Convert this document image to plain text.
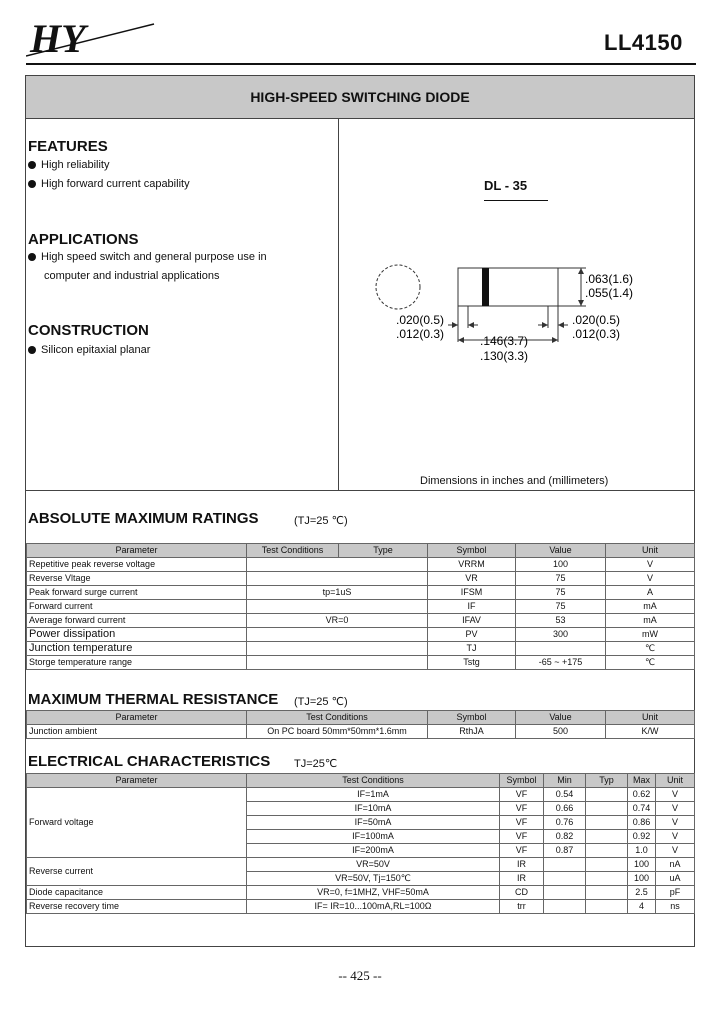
HY	LL4150
HIGH-SPEED SWITCHING DIODE
FEATURES
High reliability
High forward current capability
APPLICATIONS
High speed switch and general purpose use in
computer and industrial applications
CONSTRUCTION
Silicon epitaxial planar
DL - 35
.063(1.6)
.055(1.4)
.020(0.5)
.012(0.3)
.020(0.5)
.012(0.3)
.146(3.7)
.130(3.3)
Dimensions in inches and (millimeters)
ABSOLUTE MAXIMUM RATINGS	(TJ=25 ℃)
Parameter	Test Conditions	Type	Symbol	Value	Unit
Repetitive peak reverse voltage			VRRM	100	V
Reverse Vltage			VR	75	V
Peak forward surge current	tp=1uS		IFSM	75	A
Forward current			IF	75	mA
Average forward current	VR=0		IFAV	53	mA
Power dissipation			PV	300	mW
Junction temperature			TJ		℃
Storge temperature range			Tstg	-65 ~ +175	℃
MAXIMUM THERMAL RESISTANCE (TJ=25 ℃)
Parameter	Test Conditions	Symbol	Value	Unit
Junction ambient	On PC board 50mm*50mm*1.6mm	RthJA	500	K/W
ELECTRICAL CHARACTERISTICS TJ=25℃
Parameter	Test Conditions	Symbol	Min	Typ	Max	Unit
Forward voltage	IF=1mA	VF	0.54		0.62	V
	IF=10mA	VF	0.66		0.74	V
	IF=50mA	VF	0.76		0.86	V
	IF=100mA	VF	0.82		0.92	V
	IF=200mA	VF	0.87		1.0	V
Reverse current	VR=50V	IR			100	nA
	VR=50V, Tj=150℃	IR			100	uA
Diode capacitance	VR=0, f=1MHZ, VHF=50mA	CD			2.5	pF
Reverse recovery time	IF= IR=10...100mA,RL=100Ω	trr			4	ns
-- 425 --
